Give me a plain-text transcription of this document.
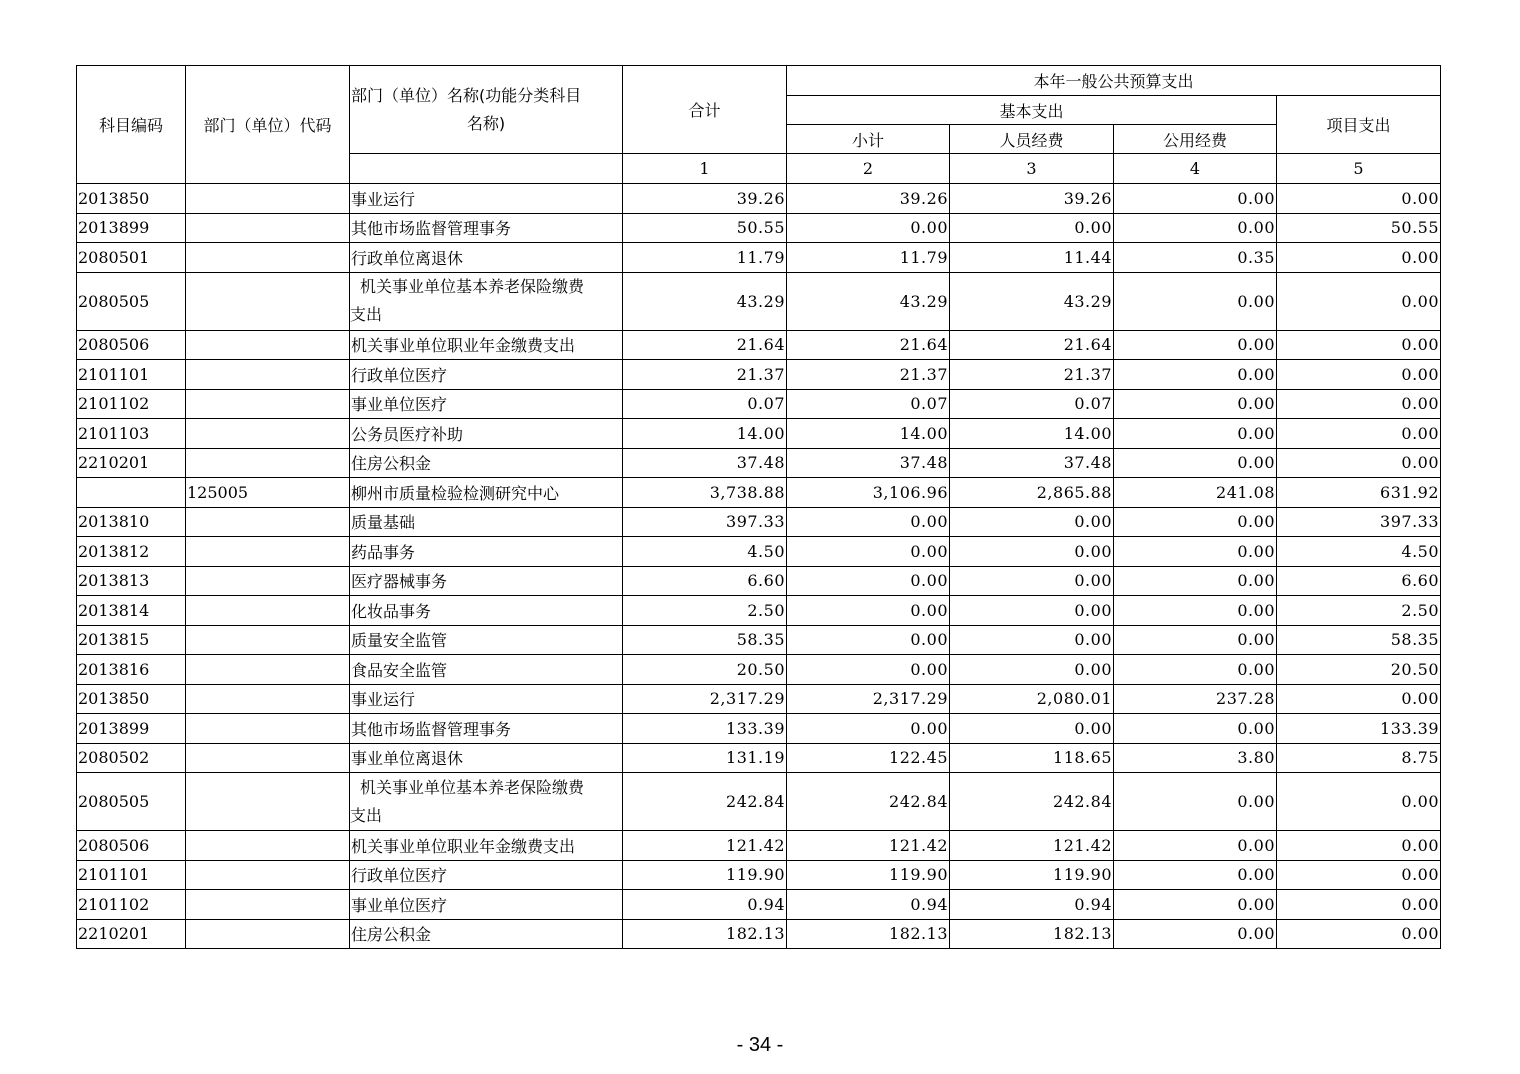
科目编码	部门（单位）代码	部门（单位）名称(功能分类科目
名称)	合计	本年一般公共预算支出			
				基本支出			项目支出
				小计	人员经费	公用经费	
			1	2	3	4	5
2013850		事业运行	39.26	39.26	39.26	0.00	0.00
2013899		其他市场监督管理事务	50.55	0.00	0.00	0.00	50.55
2080501		行政单位离退休	11.79	11.79	11.44	0.35	0.00
2080505		机关事业单位基本养老保险缴费
支出	43.29	43.29	43.29	0.00	0.00
2080506		机关事业单位职业年金缴费支出	21.64	21.64	21.64	0.00	0.00
2101101		行政单位医疗	21.37	21.37	21.37	0.00	0.00
2101102		事业单位医疗	0.07	0.07	0.07	0.00	0.00
2101103		公务员医疗补助	14.00	14.00	14.00	0.00	0.00
2210201		住房公积金	37.48	37.48	37.48	0.00	0.00
	125005	柳州市质量检验检测研究中心	3,738.88	3,106.96	2,865.88	241.08	631.92
2013810		质量基础	397.33	0.00	0.00	0.00	397.33
2013812		药品事务	4.50	0.00	0.00	0.00	4.50
2013813		医疗器械事务	6.60	0.00	0.00	0.00	6.60
2013814		化妆品事务	2.50	0.00	0.00	0.00	2.50
2013815		质量安全监管	58.35	0.00	0.00	0.00	58.35
2013816		食品安全监管	20.50	0.00	0.00	0.00	20.50
2013850		事业运行	2,317.29	2,317.29	2,080.01	237.28	0.00
2013899		其他市场监督管理事务	133.39	0.00	0.00	0.00	133.39
2080502		事业单位离退休	131.19	122.45	118.65	3.80	8.75
2080505		机关事业单位基本养老保险缴费
支出	242.84	242.84	242.84	0.00	0.00
2080506		机关事业单位职业年金缴费支出	121.42	121.42	121.42	0.00	0.00
2101101		行政单位医疗	119.90	119.90	119.90	0.00	0.00
2101102		事业单位医疗	0.94	0.94	0.94	0.00	0.00
2210201		住房公积金	182.13	182.13	182.13	0.00	0.00
- 34 -
